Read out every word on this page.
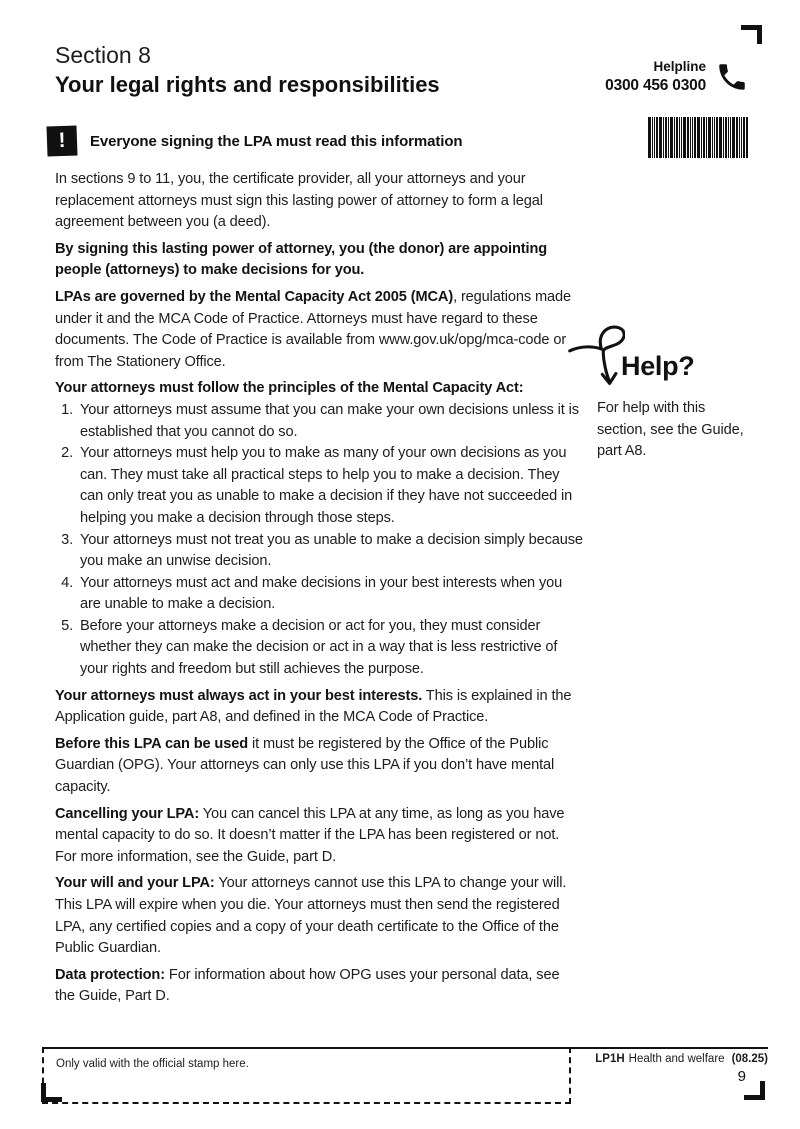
Section 8
Your legal rights and responsibilities
Helpline
0300 456 0300
!	Everyone signing the LPA must read this information

In sections 9 to 11, you, the certificate provider, all your attorneys and your replacement attorneys must sign this lasting power of attorney to form a legal agreement between you (a deed).

By signing this lasting power of attorney, you (the donor) are appointing people (attorneys) to make decisions for you.

LPAs are governed by the Mental Capacity Act 2005 (MCA), regulations made under it and the MCA Code of Practice. Attorneys must have regard to these documents. The Code of Practice is available from www.gov.uk/opg/mca-code or from The Stationery Office.

Your attorneys must follow the principles of the Mental Capacity Act:

1. Your attorneys must assume that you can make your own decisions unless it is established that you cannot do so.
2. Your attorneys must help you to make as many of your own decisions as you can. They must take all practical steps to help you to make a decision. They can only treat you as unable to make a decision if they have not succeeded in helping you make a decision through those steps.
3. Your attorneys must not treat you as unable to make a decision simply because you make an unwise decision.
4. Your attorneys must act and make decisions in your best interests when you are unable to make a decision.
5. Before your attorneys make a decision or act for you, they must consider whether they can make the decision or act in a way that is less restrictive of your rights and freedom but still achieves the purpose.

Your attorneys must always act in your best interests. This is explained in the Application guide, part A8, and defined in the MCA Code of Practice.

Before this LPA can be used it must be registered by the Office of the Public Guardian (OPG). Your attorneys can only use this LPA if you don’t have mental capacity.

Cancelling your LPA: You can cancel this LPA at any time, as long as you have mental capacity to do so. It doesn’t matter if the LPA has been registered or not. For more information, see the Guide, part D.

Your will and your LPA: Your attorneys cannot use this LPA to change your will. This LPA will expire when you die. Your attorneys must then send the registered LPA, any certified copies and a copy of your death certificate to the Office of the Public Guardian.

Data protection: For information about how OPG uses your personal data, see the Guide, Part D.

Help?
For help with this section, see the Guide, part A8.
Only valid with the official stamp here.	LP1H Health and welfare (08.25)
9
